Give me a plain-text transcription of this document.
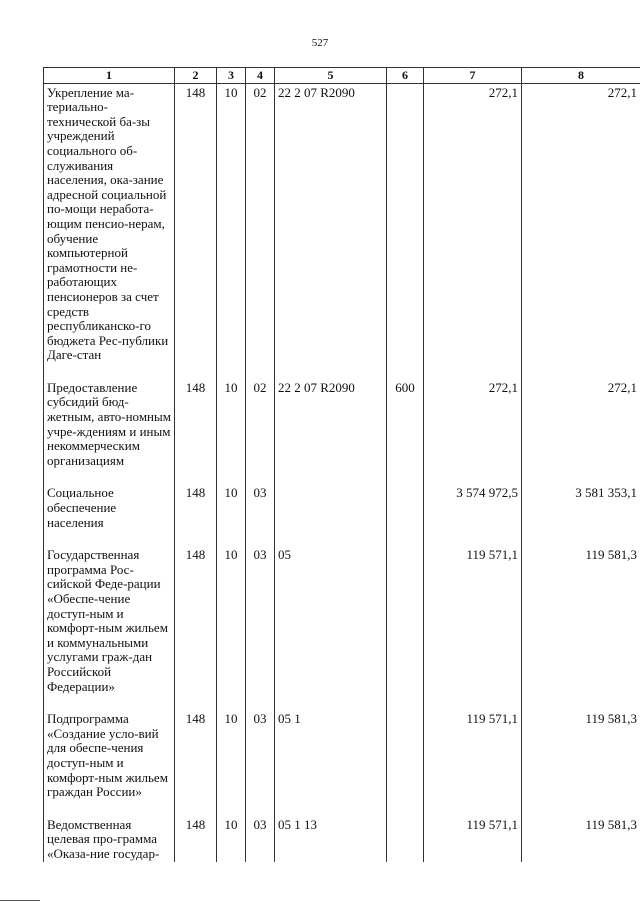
527
1	2	3	4	5	6	7	8
Укрепление ма-териально-технической ба-зы учреждений социального об-служивания населения, ока-зание адресной социальной по-мощи неработа-ющим пенсио-нерам, обучение компьютерной грамотности не-работающих пенсионеров за счет средств республиканско-го бюджета Рес-публики Даге-стан	148	10	02	22 2 07 R2090		272,1	272,1

Предоставление субсидий бюд-жетным, авто-номным учре-ждениям и иным некоммерческим организациям	148	10	02	22 2 07 R2090	600	272,1	272,1

Социальное обеспечение населения	148	10	03			3 574 972,5	3 581 353,1

Государственная программа Рос-сийской Феде-рации «Обеспе-чение доступ-ным и комфорт-ным жильем и коммунальными услугами граж-дан Российской Федерации»	148	10	03	05		119 571,1	119 581,3

Подпрограмма «Создание усло-вий для обеспе-чения доступ-ным и комфорт-ным жильем граждан России»	148	10	03	05 1		119 571,1	119 581,3

Ведомственная целевая про-грамма «Оказа-ние государ-	148	10	03	05 1 13		119 571,1	119 581,3
